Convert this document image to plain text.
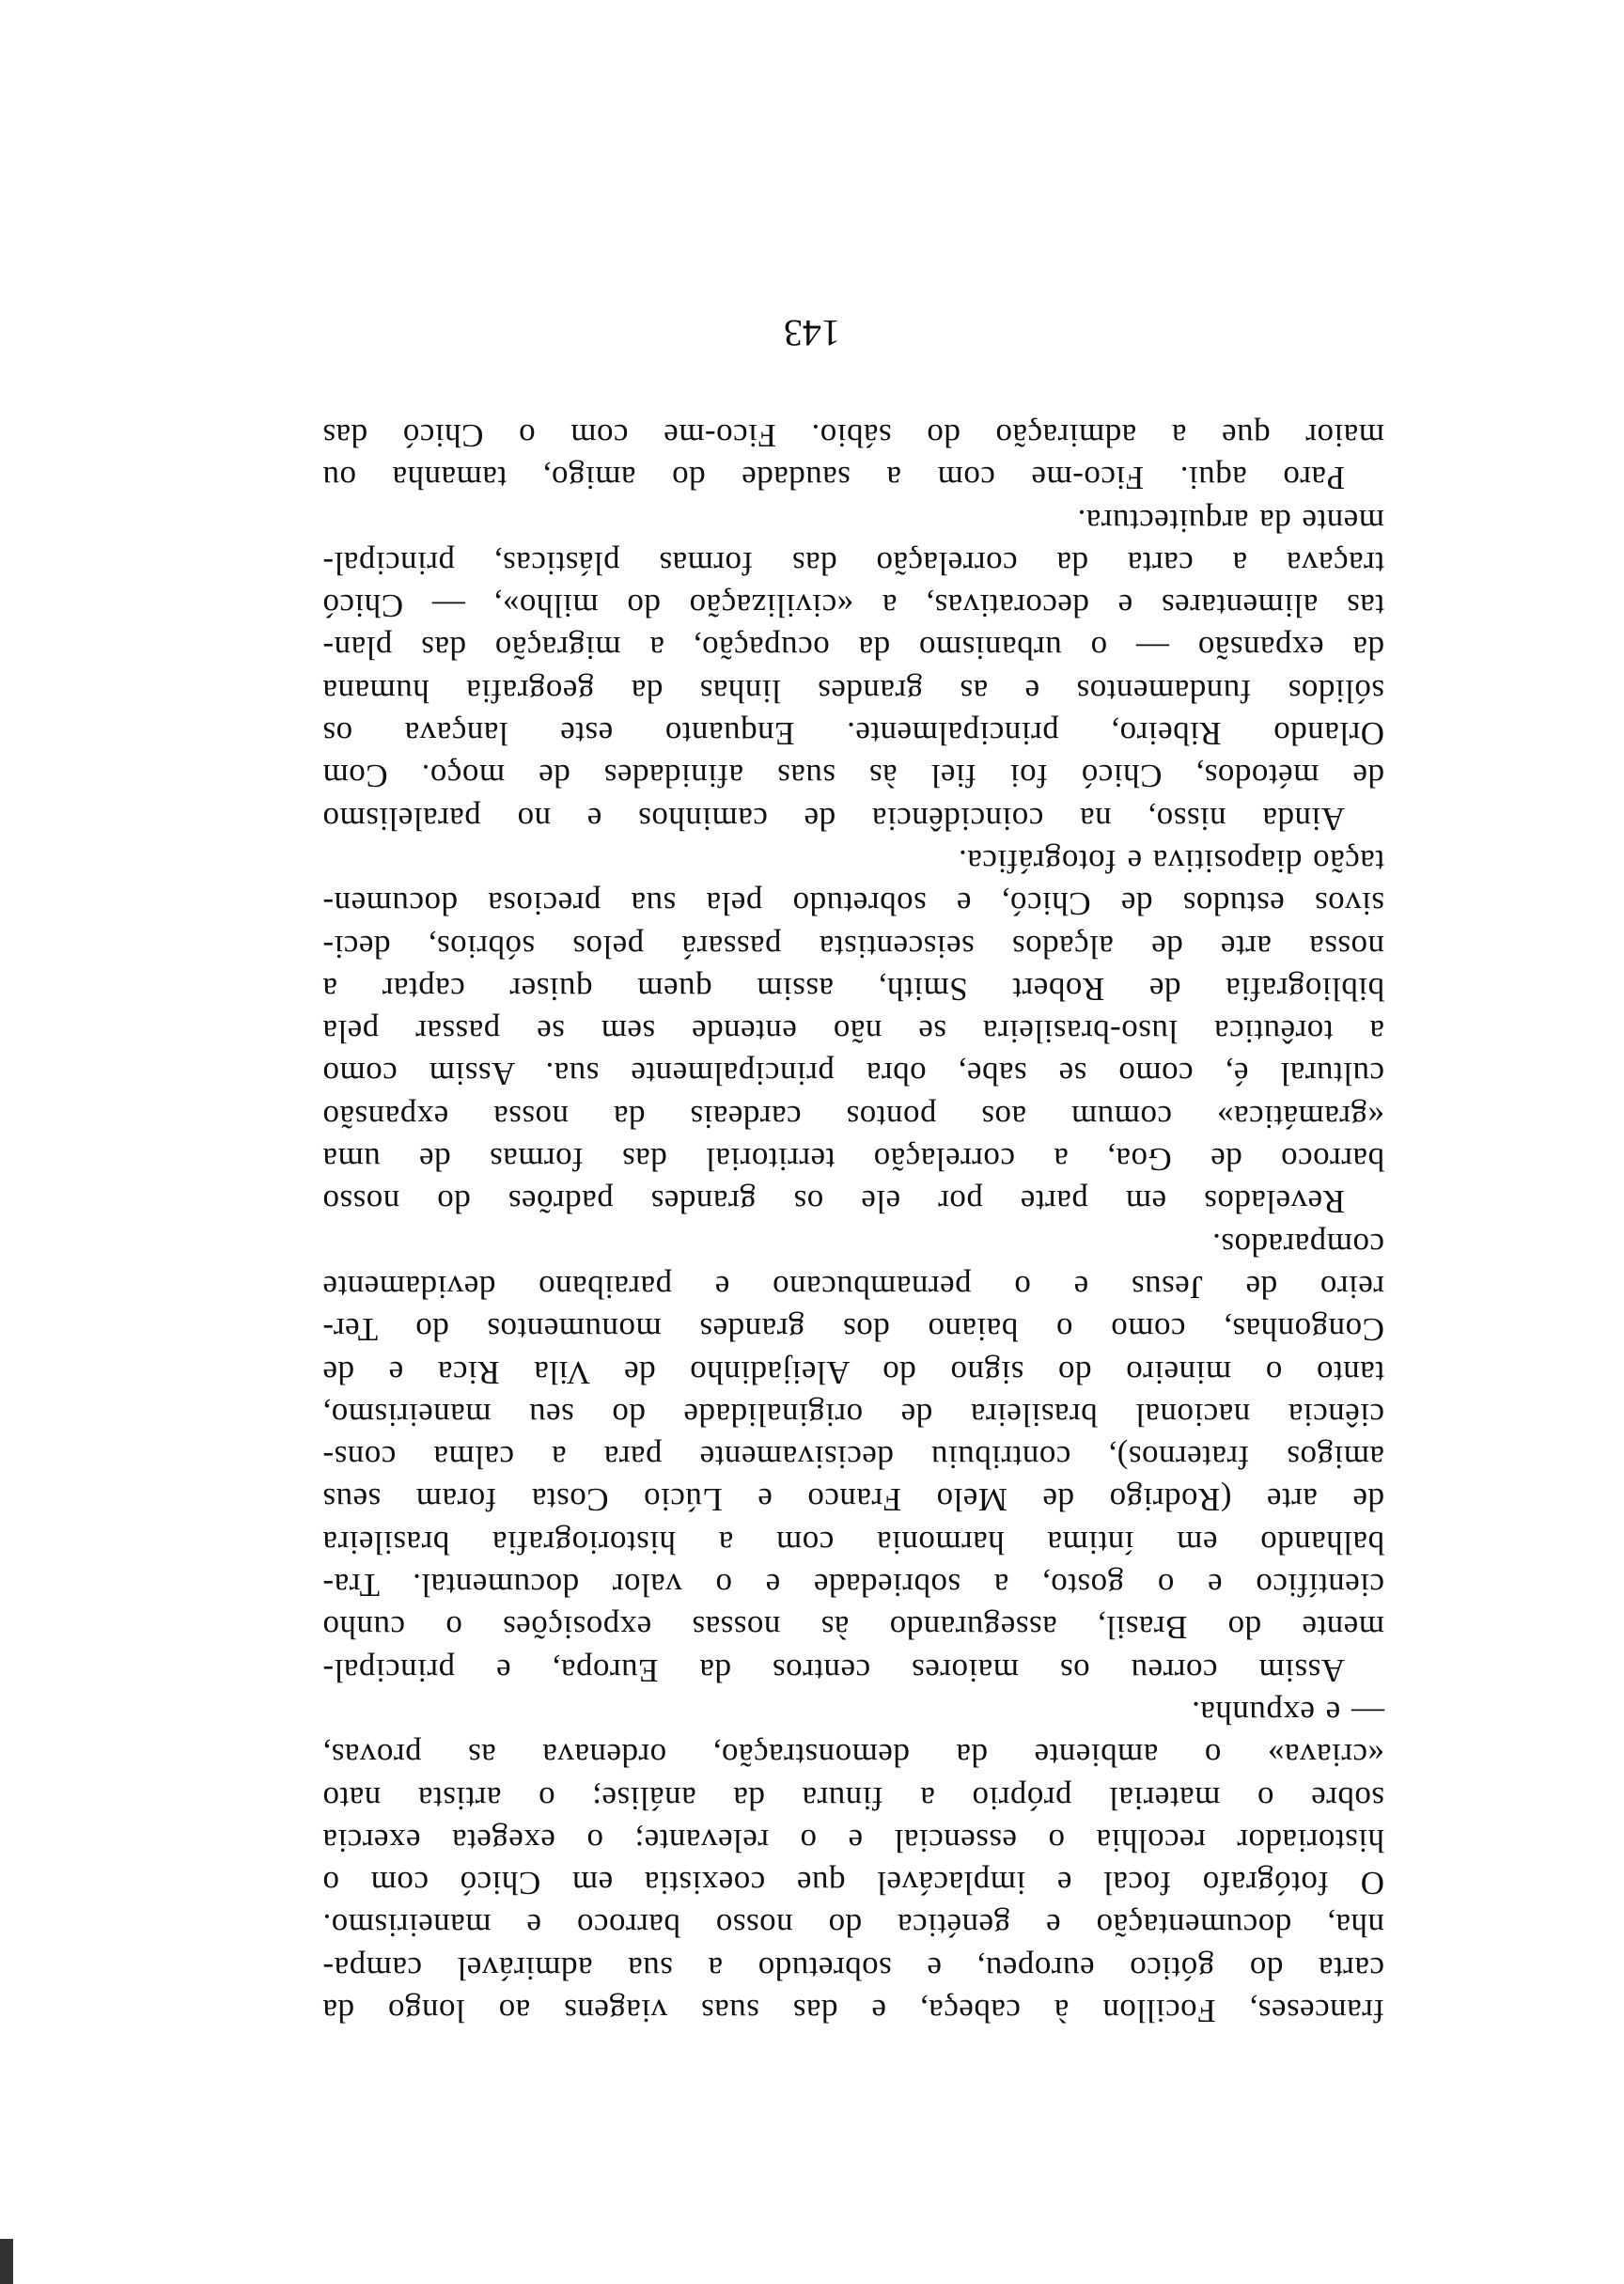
franceses, Focillon à cabeça, e das suas viagens ao longo da
carta do gótico europeu, e sobretudo a sua admirável campa-
nha, documentação e genética do nosso barroco e maneirismo.
O fotógrafo focal e implacável que coexistia em Chicó com o
historiador recolhia o essencial e o relevante; o exegeta exercia
sobre o material próprio a finura da análise; o artista nato
«criava» o ambiente da demonstração, ordenava as provas,
— e expunha.
Assim correu os maiores centros da Europa, e principal-
mente do Brasil, assegurando às nossas exposições o cunho
científico e o gosto, a sobriedade e o valor documental. Tra-
balhando em íntima harmonia com a historiografia brasileira
de arte (Rodrigo de Melo Franco e Lúcio Costa foram seus
amigos fraternos), contribuiu decisivamente para a calma cons-
ciência nacional brasileira de originalidade do seu maneirismo,
tanto o mineiro do signo do Aleijadinho de Vila Rica e de
Congonhas, como o baiano dos grandes monumentos do Ter-
reiro de Jesus e o pernambucano e paraibano devidamente
comparados.
Revelados em parte por ele os grandes padrões do nosso
barroco de Goa, a correlação territorial das formas de uma
«gramática» comum aos pontos cardeais da nossa expansão
cultural é, como se sabe, obra principalmente sua. Assim como
a torêutica luso-brasileira se não entende sem se passar pela
bibliografia de Robert Smith, assim quem quiser captar a
nossa arte de alçados seiscentista passará pelos sóbrios, deci-
sivos estudos de Chicó, e sobretudo pela sua preciosa documen-
tação diapositiva e fotográfica.
Ainda nisso, na coincidência de caminhos e no paralelismo
de métodos, Chicó foi fiel às suas afinidades de moço. Com
Orlando Ribeiro, principalmente. Enquanto este lançava os
sólidos fundamentos e as grandes linhas da geografia humana
da expansão — o urbanismo da ocupação, a migração das plan-
tas alimentares e decorativas, a «civilização do milho», — Chicó
traçava a carta da correlação das formas plásticas, principal-
mente da arquitectura.
Paro aqui. Fico-me com a saudade do amigo, tamanha ou
maior que a admiração do sábio. Fico-me com o Chicó das
143
